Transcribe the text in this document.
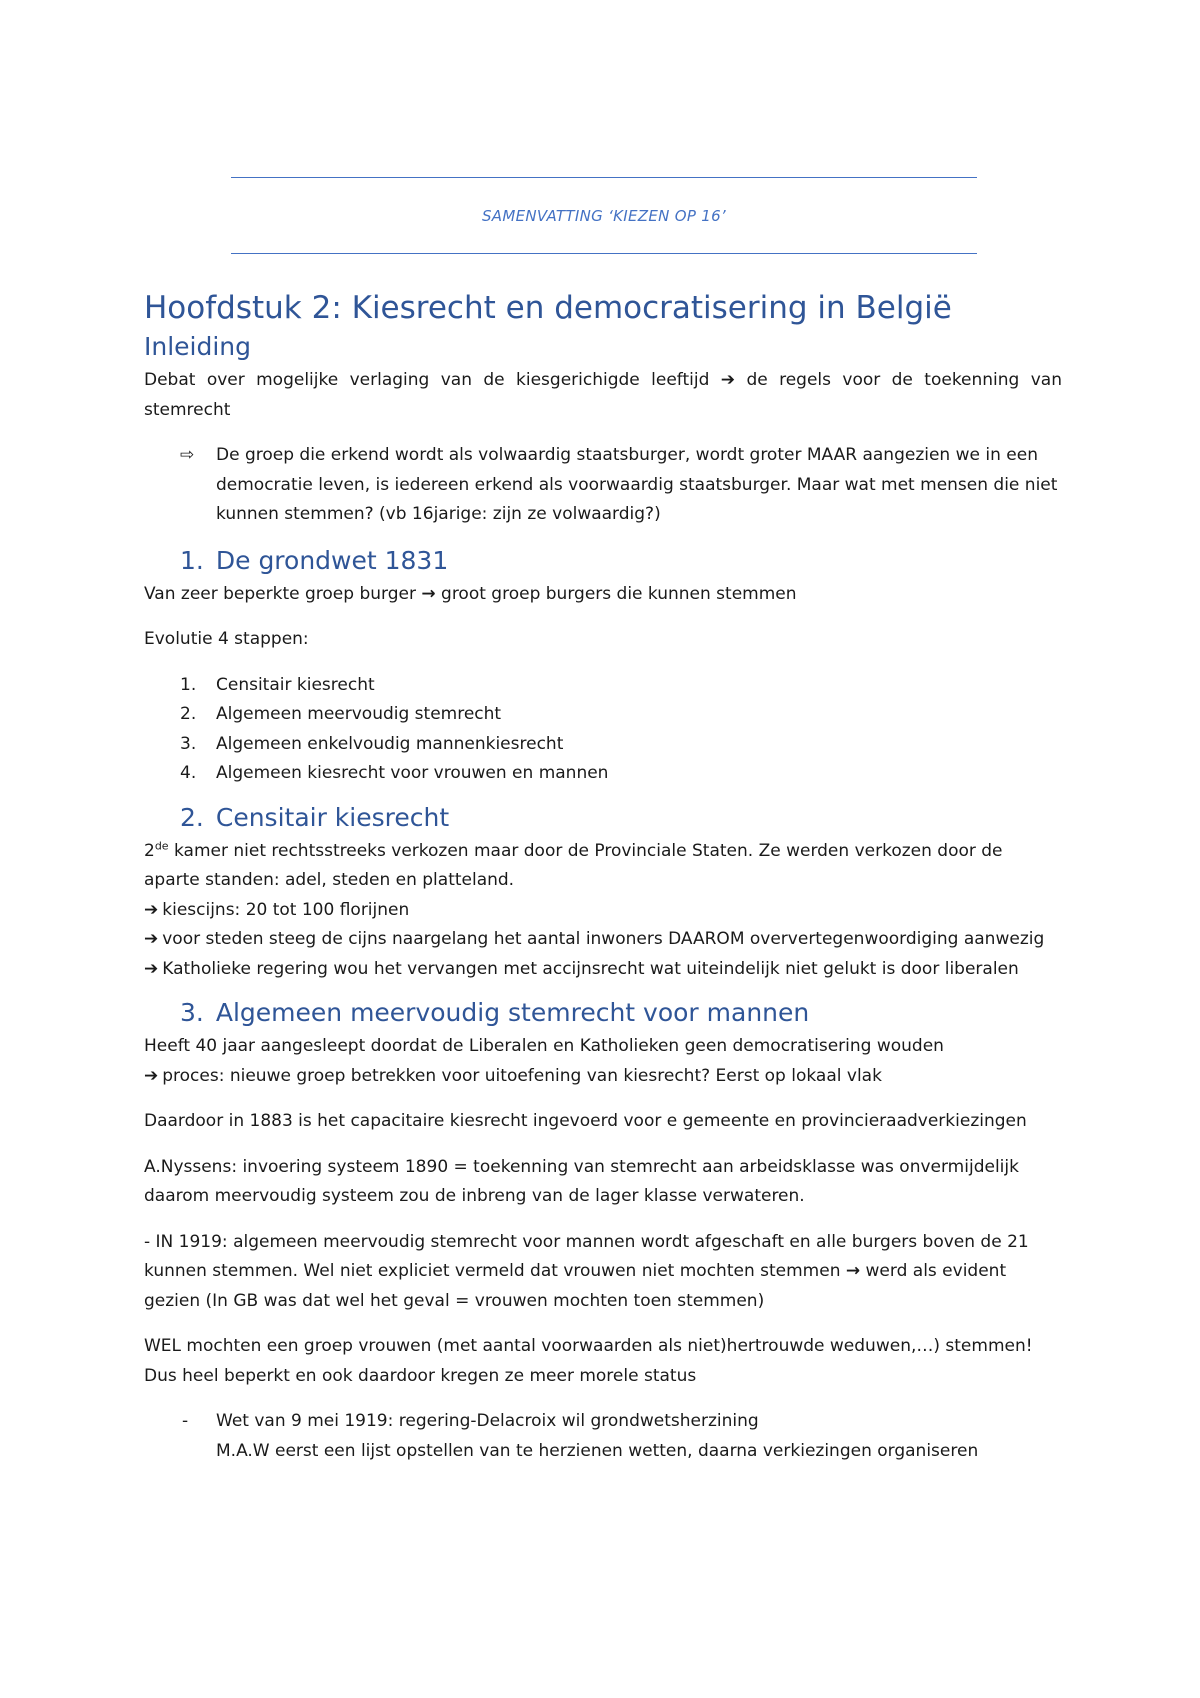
SAMENVATTING ‘KIEZEN OP 16’
Hoofdstuk 2: Kiesrecht en democratisering in België
Inleiding

Debat over mogelijke verlaging van de kiesgerichigde leeftijd ➔ de regels voor de toekenning van stemrecht

⇨ De groep die erkend wordt als volwaardig staatsburger, wordt groter MAAR aangezien we in een democratie leven, is iedereen erkend als voorwaardig staatsburger. Maar wat met mensen die niet kunnen stemmen? (vb 16jarige: zijn ze volwaardig?)
1. De grondwet 1831

Van zeer beperkte groep burger → groot groep burgers die kunnen stemmen

Evolutie 4 stappen:

1. Censitair kiesrecht
2. Algemeen meervoudig stemrecht
3. Algemeen enkelvoudig mannenkiesrecht
4. Algemeen kiesrecht voor vrouwen en mannen
2. Censitair kiesrecht

2de kamer niet rechtsstreeks verkozen maar door de Provinciale Staten. Ze werden verkozen door de aparte standen: adel, steden en platteland.

➔ kiescijns: 20 tot 100 florijnen

➔ voor steden steeg de cijns naargelang het aantal inwoners DAAROM oververtegenwoordiging aanwezig

➔ Katholieke regering wou het vervangen met accijnsrecht wat uiteindelijk niet gelukt is door liberalen

3. Algemeen meervoudig stemrecht voor mannen

Heeft 40 jaar aangesleept doordat de Liberalen en Katholieken geen democratisering wouden

➔ proces: nieuwe groep betrekken voor uitoefening van kiesrecht? Eerst op lokaal vlak

Daardoor in 1883 is het capacitaire kiesrecht ingevoerd voor e gemeente en provincieraadverkiezingen

A.Nyssens: invoering systeem 1890 = toekenning van stemrecht aan arbeidsklasse was onvermijdelijk daarom meervoudig systeem zou de inbreng van de lager klasse verwateren.

- IN 1919: algemeen meervoudig stemrecht voor mannen wordt afgeschaft en alle burgers boven de 21 kunnen stemmen. Wel niet expliciet vermeld dat vrouwen niet mochten stemmen → werd als evident gezien (In GB was dat wel het geval = vrouwen mochten toen stemmen)

WEL mochten een groep vrouwen (met aantal voorwaarden als niet)hertrouwde weduwen,…) stemmen! Dus heel beperkt en ook daardoor kregen ze meer morele status

- Wet van 9 mei 1919: regering-Delacroix wil grondwetsherzining
M.A.W eerst een lijst opstellen van te herzienen wetten, daarna verkiezingen organiseren
